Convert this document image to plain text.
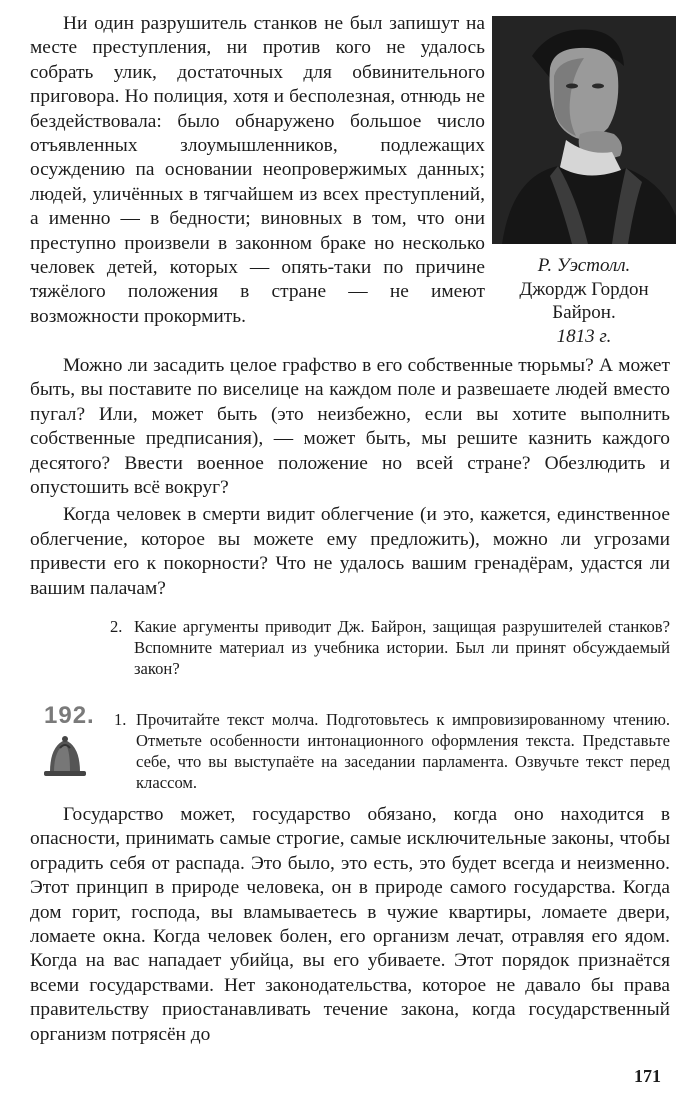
Ни один разрушитель станков не был запишут на месте преступления, ни против кого не удалось собрать улик, достаточных для обвинительного приговора. Но полиция, хотя и бесполезная, отнюдь не бездействовала: было обнаружено большое число отъявленных злоумышленников, подлежащих осуждению па основании неопровержимых данных; людей, уличённых в тягчайшем из всех преступлений, а именно — в бедности; виновных в том, что они преступно произвели в законном браке но несколько человек детей, которых — опять-таки по причине тяжёлого положения в стране — не имеют возможности прокормить.

Р. Уэстолл.
Джордж Гордон
Байрон.
1813 г.

Можно ли засадить целое графство в его собственные тюрьмы? А может быть, вы поставите по виселице на каждом поле и развешаете людей вместо пугал? Или, может быть (это неизбежно, если вы хотите выполнить собственные предписания), — может быть, мы решите казнить каждого десятого? Ввести военное положение но всей стране? Обезлюдить и опустошить всё вокруг?

Когда человек в смерти видит облегчение (и это, кажется, единственное облегчение, которое вы можете ему предложить), можно ли угрозами привести его к покорности? Что не удалось вашим гренадёрам, удастся ли вашим палачам?

2. Какие аргументы приводит Дж. Байрон, защищая разрушителей станков? Вспомните материал из учебника истории. Был ли принят обсуждаемый закон?
192. 1. Прочитайте текст молча. Подготовьтесь к импровизированному чтению. Отметьте особенности интонационного оформления текста. Представьте себе, что вы выступаёте на заседании парламента. Озвучьте текст перед классом.

Государство может, государство обязано, когда оно находится в опасности, принимать самые строгие, самые исключительные законы, чтобы оградить себя от распада. Это было, это есть, это будет всегда и неизменно. Этот принцип в природе человека, он в природе самого государства. Когда дом горит, господа, вы вламываетесь в чужие квартиры, ломаете двери, ломаете окна. Когда человек болен, его организм лечат, отравляя его ядом. Когда на вас нападает убийца, вы его убиваете. Этот порядок признаётся всеми государствами. Нет законодательства, которое не давало бы права правительству приостанавливать течение закона, когда государственный организм потрясён до

171
